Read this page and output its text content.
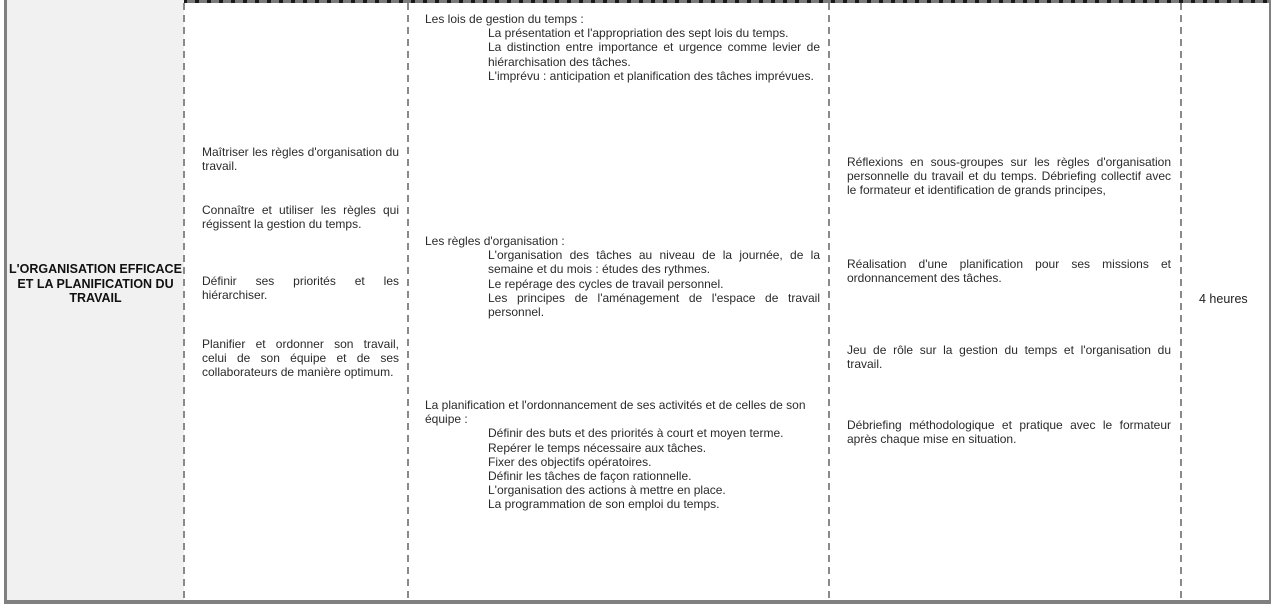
L'ORGANISATION EFFICACE ET LA PLANIFICATION DU TRAVAIL
Maîtriser les règles d'organisation du travail.
Connaître et utiliser les règles qui régissent la gestion du temps.
Définir ses priorités et les hiérarchiser.
Planifier et ordonner son travail, celui de son équipe et de ses collaborateurs de manière optimum.
Les lois de gestion du temps :
La présentation et l'appropriation des sept lois du temps.
La distinction entre importance et urgence comme levier de hiérarchisation des tâches.
L'imprévu : anticipation et planification des tâches imprévues.
Les règles d'organisation :
L'organisation des tâches au niveau de la journée, de la semaine et du mois : études des rythmes.
Le repérage des cycles de travail personnel.
Les principes de l'aménagement de l'espace de travail personnel.
La planification et l'ordonnancement de ses activités et de celles de son équipe :
Définir des buts et des priorités à court et moyen terme.
Repérer le temps nécessaire aux tâches.
Fixer des objectifs opératoires.
Définir les tâches de façon rationnelle.
L'organisation des actions à mettre en place.
La programmation de son emploi du temps.
Réflexions en sous-groupes sur les règles d'organisation personnelle du travail et du temps. Débriefing collectif avec le formateur et identification de grands principes,
Réalisation d'une planification pour ses missions et ordonnancement des tâches.
Jeu de rôle sur la gestion du temps et l'organisation du travail.
Débriefing méthodologique et pratique avec le formateur après chaque mise en situation.
4 heures
